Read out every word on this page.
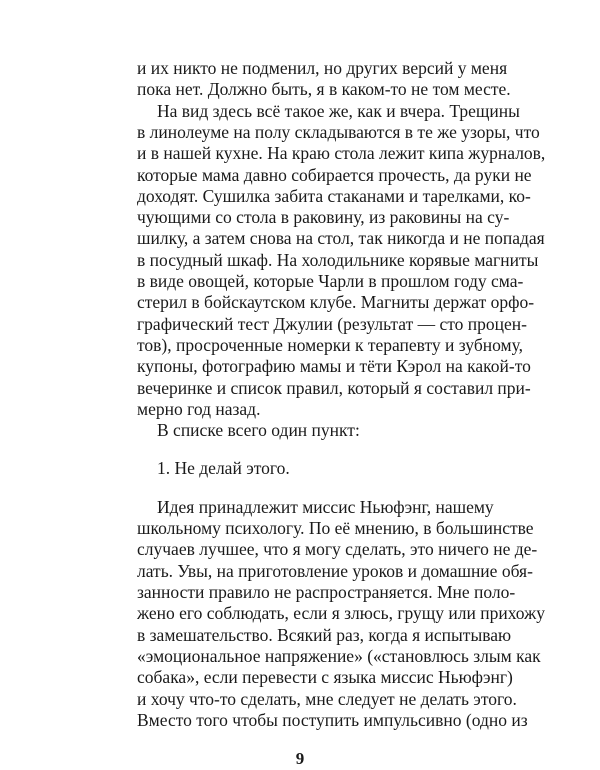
и их никто не подменил, но других версий у меня
пока нет. Должно быть, я в каком-то не том месте.
На вид здесь всё такое же, как и вчера. Трещины
в линолеуме на полу складываются в те же узоры, что
и в нашей кухне. На краю стола лежит кипа журналов,
которые мама давно собирается прочесть, да руки не
доходят. Сушилка забита стаканами и тарелками, ко-
чующими со стола в раковину, из раковины на су-
шилку, а затем снова на стол, так никогда и не попадая
в посудный шкаф. На холодильнике корявые магниты
в виде овощей, которые Чарли в прошлом году сма-
стерил в бойскаутском клубе. Магниты держат орфо-
графический тест Джулии (результат — сто процен-
тов), просроченные номерки к терапевту и зубному,
купоны, фотографию мамы и тёти Кэрол на какой-то
вечеринке и список правил, который я составил при-
мерно год назад.
В списке всего один пункт:
1. Не делай этого.
Идея принадлежит миссис Ньюфэнг, нашему
школьному психологу. По её мнению, в большинстве
случаев лучшее, что я могу сделать, это ничего не де-
лать. Увы, на приготовление уроков и домашние обя-
занности правило не распространяется. Мне поло-
жено его соблюдать, если я злюсь, грущу или прихожу
в замешательство. Всякий раз, когда я испытываю
«эмоциональное напряжение» («становлюсь злым как
собака», если перевести с языка миссис Ньюфэнг)
и хочу что-то сделать, мне следует не делать этого.
Вместо того чтобы поступить импульсивно (одно из
9
